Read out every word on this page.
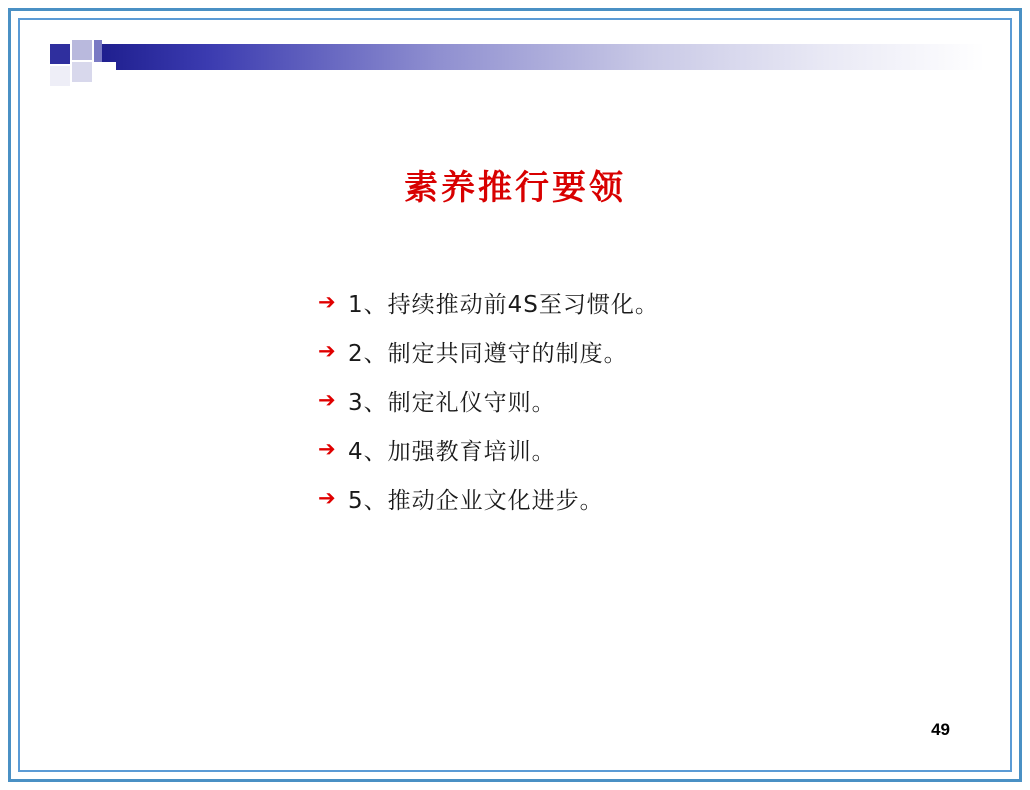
素养推行要领
➔ 1、持续推动前4S至习惯化。
➔ 2、制定共同遵守的制度。
➔ 3、制定礼仪守则。
➔ 4、加强教育培训。
➔ 5、推动企业文化进步。
49
